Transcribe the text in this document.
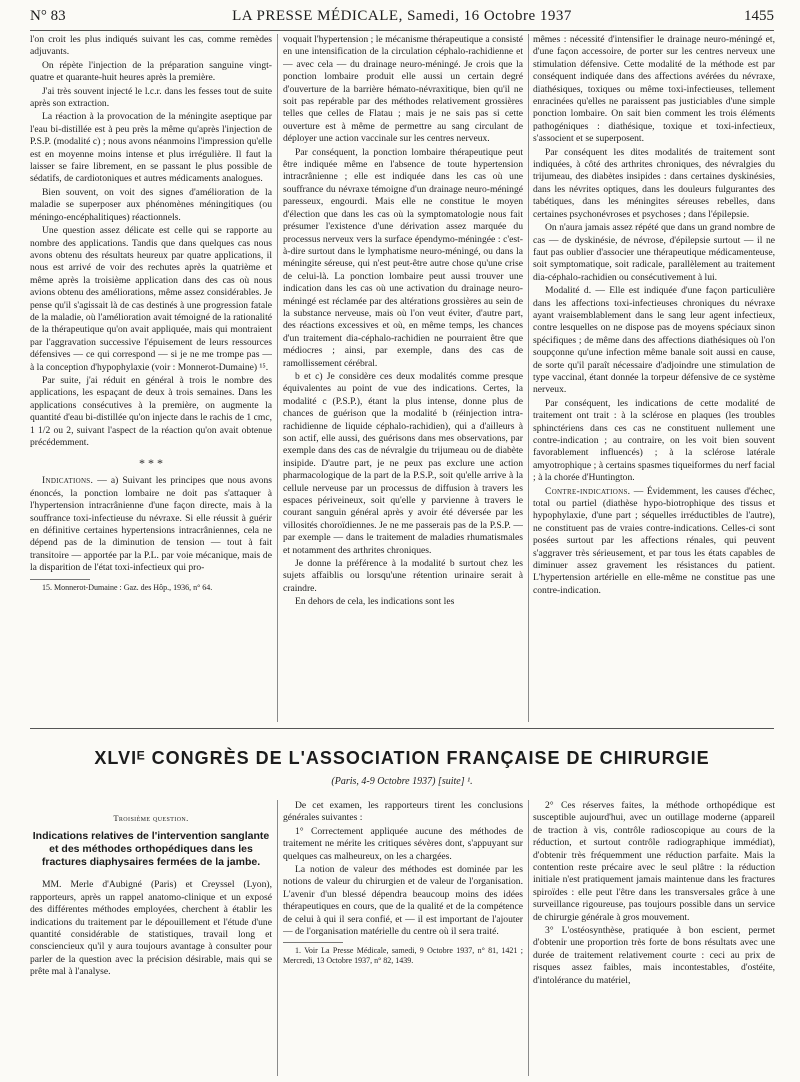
N° 83	LA PRESSE MÉDICALE, Samedi, 16 Octobre 1937	1455

l'on croit les plus indiqués suivant les cas, comme remèdes adjuvants.

On répète l'injection de la préparation sanguine vingt-quatre et quarante-huit heures après la première.

J'ai très souvent injecté le l.c.r. dans les fesses tout de suite après son extraction.

La réaction à la provocation de la méningite aseptique par l'eau bi-distillée est à peu près la même qu'après l'injection de P.S.P. (modalité c) ; nous avons néanmoins l'impression qu'elle est en moyenne moins intense et plus irrégulière. Il faut la laisser se faire librement, en se passant le plus possible de sédatifs, de cardiotoniques et autres médicaments analogues.

Bien souvent, on voit des signes d'amélioration de la maladie se superposer aux phénomènes méningitiques (ou méningo-encéphalitiques) réactionnels.

Une question assez délicate est celle qui se rapporte au nombre des applications. Tandis que dans quelques cas nous avons obtenu des résultats heureux par quatre applications, il nous est arrivé de voir des rechutes après la quatrième et même après la troisième application dans des cas où nous avions obtenu des améliorations, même assez considérables. Je pense qu'il s'agissait là de cas destinés à une progression fatale de la maladie, où l'amélioration avait témoigné de la rationalité de la thérapeutique qu'on avait appliquée, mais qui montraient par l'aggravation successive l'épuisement de leurs ressources défensives — ce qui correspond — si je ne me trompe pas — à la conception d'hypophylaxie (voir : Monnerot-Dumaine) ¹⁵.

Par suite, j'ai réduit en général à trois le nombre des applications, les espaçant de deux à trois semaines. Dans les applications consécutives à la première, on augmente la quantité d'eau bi-distillée qu'on injecte dans le rachis de 1 cmc, 1 1/2 ou 2, suivant l'aspect de la réaction qu'on avait obtenue précédemment.

* * *

Indications. — a) Suivant les principes que nous avons énoncés, la ponction lombaire ne doit pas s'attaquer à l'hypertension intracrânienne d'une façon directe, mais à la souffrance toxi-infectieuse du névraxe. Si elle réussit à guérir en définitive certaines hypertensions intracrâniennes, cela ne dépend pas de la diminution de tension — tout à fait transitoire — apportée par la P.L. par voie mécanique, mais de la disparition de l'état toxi-infectieux qui pro-

15. Monnerot-Dumaine : Gaz. des Hôp., 1936, n° 64.

voquait l'hypertension ; le mécanisme thérapeutique a consisté en une intensification de la circulation céphalo-rachidienne et — avec cela — du drainage neuro-méningé. Je crois que la ponction lombaire produit elle aussi un certain degré d'ouverture de la barrière hémato-névraxitique, bien qu'il ne soit pas repérable par des méthodes relativement grossières telles que celles de Flatau ; mais je ne sais pas si cette ouverture est à même de permettre au sang circulant de déployer une action vaccinale sur les centres nerveux.

Par conséquent, la ponction lombaire thérapeutique peut être indiquée même en l'absence de toute hypertension intracrânienne ; elle est indiquée dans les cas où une souffrance du névraxe témoigne d'un drainage neuro-méningé paresseux, engourdi. Mais elle ne constitue le moyen d'élection que dans les cas où la symptomatologie nous fait présumer l'existence d'une dérivation assez marquée du processus nerveux vers la surface épendymo-méningée : c'est-à-dire surtout dans le lymphatisme neuro-méningé, ou dans la méningite séreuse, qui n'est peut-être autre chose qu'une crise de celui-là. La ponction lombaire peut aussi trouver une indication dans les cas où une activation du drainage neuro-méningé est réclamée par des altérations grossières au sein de la substance nerveuse, mais où l'on veut éviter, d'autre part, des réactions excessives et où, en même temps, les chances d'un traitement dia-céphalo-rachidien ne pourraient être que médiocres ; ainsi, par exemple, dans des cas de ramollissement cérébral.

b et c) Je considère ces deux modalités comme presque équivalentes au point de vue des indications. Certes, la modalité c (P.S.P.), étant la plus intense, donne plus de chances de guérison que la modalité b (réinjection intra-rachidienne de liquide céphalo-rachidien), qui a d'ailleurs à son actif, elle aussi, des guérisons dans mes observations, par exemple dans des cas de névralgie du trijumeau ou de diabète insipide. D'autre part, je ne peux pas exclure une action pharmacologique de la part de la P.S.P., soit qu'elle arrive à la cellule nerveuse par un processus de diffusion à travers les espaces périveineux, soit qu'elle y parvienne à travers le courant sanguin général après y avoir été déversée par les villosités choroïdiennes. Je ne me passerais pas de la P.S.P. — par exemple — dans le traitement de maladies rhumatismales et notamment des arthrites chroniques.

Je donne la préférence à la modalité b surtout chez les sujets affaiblis ou lorsqu'une rétention urinaire serait à craindre.

En dehors de cela, les indications sont les

mêmes : nécessité d'intensifier le drainage neuro-méningé et, d'une façon accessoire, de porter sur les centres nerveux une stimulation défensive. Cette modalité de la méthode est par conséquent indiquée dans des affections avérées du névraxe, diathésiques, toxiques ou même toxi-infectieuses, tellement enracinées qu'elles ne paraissent pas justiciables d'une simple ponction lombaire. On sait bien comment les trois éléments pathogéniques : diathésique, toxique et toxi-infectieux, s'associent et se superposent.

Par conséquent les dites modalités de traitement sont indiquées, à côté des arthrites chroniques, des névralgies du trijumeau, des diabètes insipides : dans certaines dyskinésies, dans les névrites optiques, dans les douleurs fulgurantes des tabétiques, dans les méningites séreuses rebelles, dans certaines psychonévroses et psychoses ; dans l'épilepsie.

On n'aura jamais assez répété que dans un grand nombre de cas — de dyskinésie, de névrose, d'épilepsie surtout — il ne faut pas oublier d'associer une thérapeutique médicamenteuse, soit symptomatique, soit radicale, parallèlement au traitement dia-céphalo-rachidien ou consécutivement à lui.

Modalité d. — Elle est indiquée d'une façon particulière dans les affections toxi-infectieuses chroniques du névraxe ayant vraisemblablement dans le sang leur agent infectieux, contre lesquelles on ne dispose pas de moyens spéciaux sinon spécifiques ; de même dans des affections diathésiques où l'on soupçonne qu'une infection même banale soit aussi en cause, de sorte qu'il paraît nécessaire d'adjoindre une stimulation de type vaccinal, étant donnée la torpeur défensive de ce système nerveux.

Par conséquent, les indications de cette modalité de traitement ont trait : à la sclérose en plaques (les troubles sphinctériens dans ces cas ne constituent nullement une contre-indication ; au contraire, on les voit bien souvent favorablement influencés) ; à la sclérose latérale amyotrophique ; à certains spasmes tiqueiformes du nerf facial ; à la chorée d'Huntington.

Contre-indications. — Évidemment, les causes d'échec, total ou partiel (diathèse hypo-biotrophique des tissus et hypophylaxie, d'une part ; séquelles irréductibles de l'autre), ne constituent pas de vraies contre-indications. Celles-ci sont posées surtout par les affections rénales, qui peuvent s'aggraver très sérieusement, et par tous les états capables de diminuer assez gravement les résistances du patient. L'hypertension artérielle en elle-même ne constitue pas une contre-indication.

XLVIᴱ CONGRÈS DE L'ASSOCIATION FRANÇAISE DE CHIRURGIE
(Paris, 4-9 Octobre 1937) [suite] ¹.
Troisième question.
Indications relatives de l'intervention sanglante et des méthodes orthopédiques dans les fractures diaphysaires fermées de la jambe.

MM. Merle d'Aubigné (Paris) et Creyssel (Lyon), rapporteurs, après un rappel anatomo-clinique et un exposé des différentes méthodes employées, cherchent à établir les indications du traitement par le dépouillement et l'étude d'une quantité considérable de statistiques, travail long et consciencieux qu'il y aura toujours avantage à consulter pour parler de la question avec la précision désirable, mais qui se prête mal à l'analyse.

De cet examen, les rapporteurs tirent les conclusions générales suivantes :

1° Correctement appliquée aucune des méthodes de traitement ne mérite les critiques sévères dont, s'appuyant sur quelques cas malheureux, on les a chargées.

La notion de valeur des méthodes est dominée par les notions de valeur du chirurgien et de valeur de l'organisation. L'avenir d'un blessé dépendra beaucoup moins des idées thérapeutiques en cours, que de la qualité et de la compétence de celui à qui il sera confié, et — il est important de l'ajouter — de l'organisation matérielle du centre où il sera traité.

1. Voir La Presse Médicale, samedi, 9 Octobre 1937, n° 81, 1421 ; Mercredi, 13 Octobre 1937, n° 82, 1439.

2° Ces réserves faites, la méthode orthopédique est susceptible aujourd'hui, avec un outillage moderne (appareil de traction à vis, contrôle radioscopique au cours de la réduction, et surtout contrôle radiographique immédiat), d'obtenir très fréquemment une réduction parfaite. Mais la contention reste précaire avec le seul plâtre : la réduction initiale n'est pratiquement jamais maintenue dans les fractures spiroïdes : elle peut l'être dans les transversales grâce à une surveillance rigoureuse, pas toujours possible dans un service de chirurgie générale à gros mouvement.

3° L'ostéosynthèse, pratiquée à bon escient, permet d'obtenir une proportion très forte de bons résultats avec une durée de traitement relativement courte : ceci au prix de risques assez faibles, mais incontestables, d'ostéite, d'intolérance du matériel,
